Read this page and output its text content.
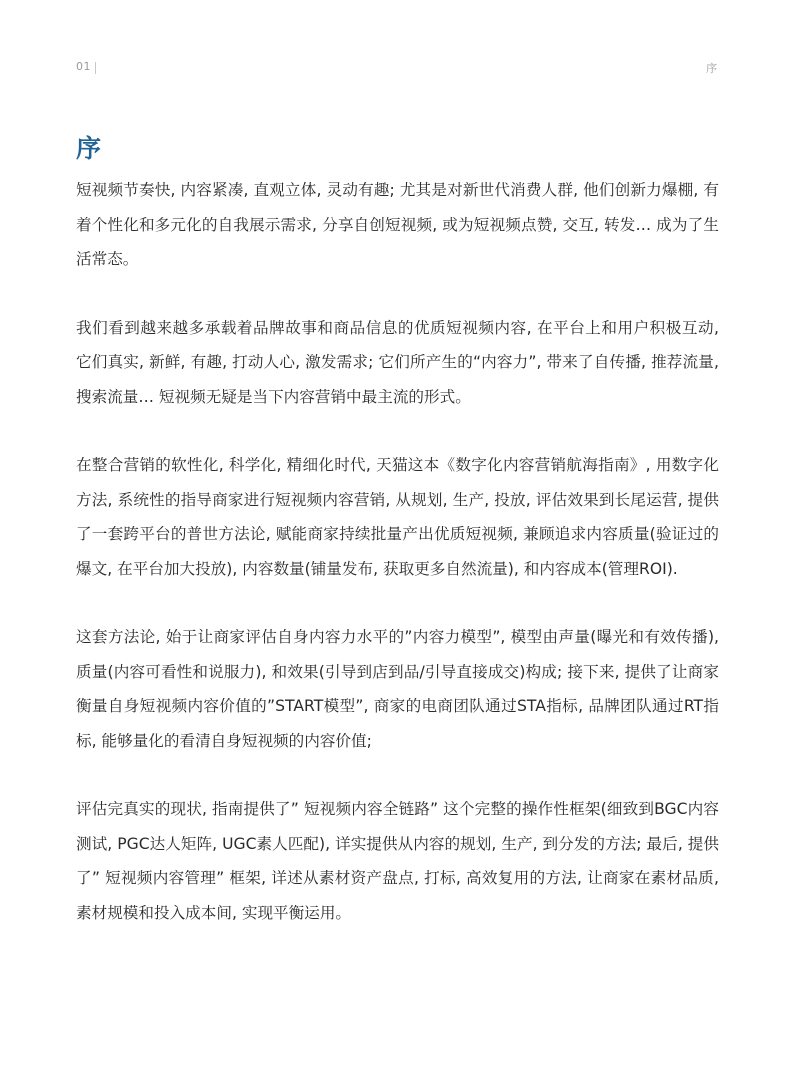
01	序
序

短视频节奏快, 内容紧凑, 直观立体, 灵动有趣; 尤其是对新世代消费人群, 他们创新力爆棚, 有着个性化和多元化的自我展示需求, 分享自创短视频, 或为短视频点赞, 交互, 转发… 成为了生活常态。

我们看到越来越多承载着品牌故事和商品信息的优质短视频内容, 在平台上和用户积极互动, 它们真实, 新鲜, 有趣, 打动人心, 激发需求; 它们所产生的“内容力”, 带来了自传播, 推荐流量, 搜索流量… 短视频无疑是当下内容营销中最主流的形式。

在整合营销的软性化, 科学化, 精细化时代, 天猫这本《数字化内容营销航海指南》, 用数字化方法, 系统性的指导商家进行短视频内容营销, 从规划, 生产, 投放, 评估效果到长尾运营, 提供了一套跨平台的普世方法论, 赋能商家持续批量产出优质短视频, 兼顾追求内容质量(验证过的爆文, 在平台加大投放), 内容数量(铺量发布, 获取更多自然流量), 和内容成本(管理ROI).

这套方法论, 始于让商家评估自身内容力水平的”内容力模型”, 模型由声量(曝光和有效传播), 质量(内容可看性和说服力), 和效果(引导到店到品/引导直接成交)构成; 接下来, 提供了让商家衡量自身短视频内容价值的”START模型”, 商家的电商团队通过STA指标, 品牌团队通过RT指标, 能够量化的看清自身短视频的内容价值;

评估完真实的现状, 指南提供了” 短视频内容全链路” 这个完整的操作性框架(细致到BGC内容测试, PGC达人矩阵, UGC素人匹配), 详实提供从内容的规划, 生产, 到分发的方法; 最后, 提供了” 短视频内容管理” 框架, 详述从素材资产盘点, 打标, 高效复用的方法, 让商家在素材品质, 素材规模和投入成本间, 实现平衡运用。
